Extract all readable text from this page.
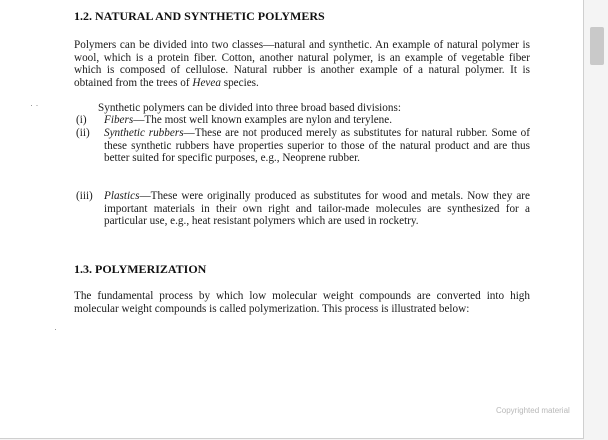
1.2. NATURAL AND SYNTHETIC POLYMERS
Polymers can be divided into two classes—natural and synthetic. An example of natural polymer is wool, which is a protein fiber. Cotton, another natural polymer, is an example of vegetable fiber which is composed of cellulose. Natural rubber is another example of a natural polymer. It is obtained from the trees of Hevea species.
Synthetic polymers can be divided into three broad based divisions:
(i) Fibers—The most well known examples are nylon and terylene.
(ii) Synthetic rubbers—These are not produced merely as substitutes for natural rubber. Some of these synthetic rubbers have properties superior to those of the natural product and are thus better suited for specific purposes, e.g., Neoprene rubber.
(iii) Plastics—These were originally produced as substitutes for wood and metals. Now they are important materials in their own right and tailor-made molecules are synthesized for a particular use, e.g., heat resistant polymers which are used in rocketry.
1.3. POLYMERIZATION
The fundamental process by which low molecular weight compounds are converted into high molecular weight compounds is called polymerization. This process is illustrated below:
· ·
·
Copyrighted material
